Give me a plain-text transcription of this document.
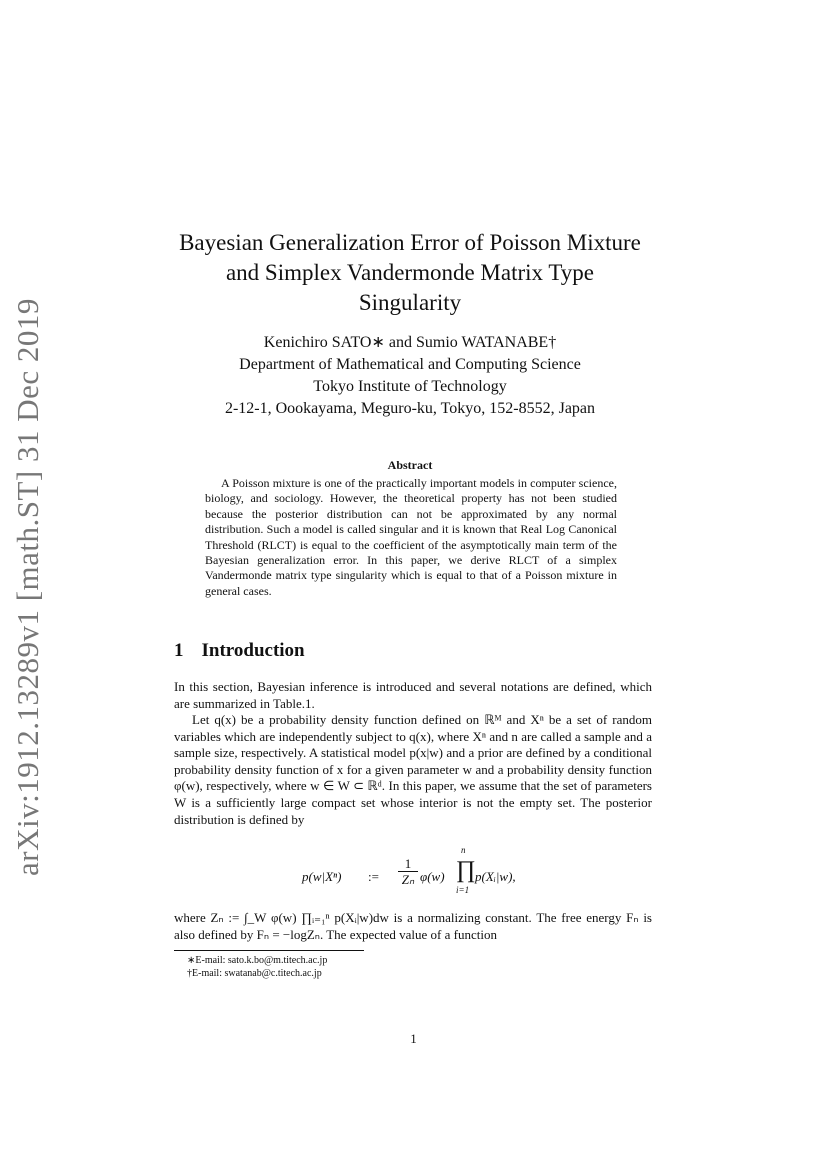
arXiv:1912.13289v1 [math.ST] 31 Dec 2019
Bayesian Generalization Error of Poisson Mixture
and Simplex Vandermonde Matrix Type
Singularity
Kenichiro SATO∗ and Sumio WATANABE†
Department of Mathematical and Computing Science
Tokyo Institute of Technology
2-12-1, Oookayama, Meguro-ku, Tokyo, 152-8552, Japan
Abstract
A Poisson mixture is one of the practically important models in computer science, biology, and sociology. However, the theoretical property has not been studied because the posterior distribution can not be approximated by any normal distribution. Such a model is called singular and it is known that Real Log Canonical Threshold (RLCT) is equal to the coefficient of the asymptotically main term of the Bayesian generalization error. In this paper, we derive RLCT of a simplex Vandermonde matrix type singularity which is equal to that of a Poisson mixture in general cases.
1 Introduction
In this section, Bayesian inference is introduced and several notations are defined, which are summarized in Table.1.
Let q(x) be a probability density function defined on ℝᴹ and Xⁿ be a set of random variables which are independently subject to q(x), where Xⁿ and n are called a sample and a sample size, respectively. A statistical model p(x|w) and a prior are defined by a conditional probability density function of x for a given parameter w and a probability density function φ(w), respectively, where w ∈ W ⊂ ℝᵈ. In this paper, we assume that the set of parameters W is a sufficiently large compact set whose interior is not the empty set. The posterior distribution is defined by
p(w|Xⁿ) := $\frac{1}{\text{Zₙ}} \varphi(w)$
n
∏
i=1
p(Xᵢ|w),
where Zₙ := ∫_W φ(w) ∏ᵢ₌₁ⁿ p(Xᵢ|w)dw is a normalizing constant. The free energy Fₙ is also defined by Fₙ = −logZₙ. The expected value of a function
∗E-mail: sato.k.bo@m.titech.ac.jp
†E-mail: swatanab@c.titech.ac.jp
1
